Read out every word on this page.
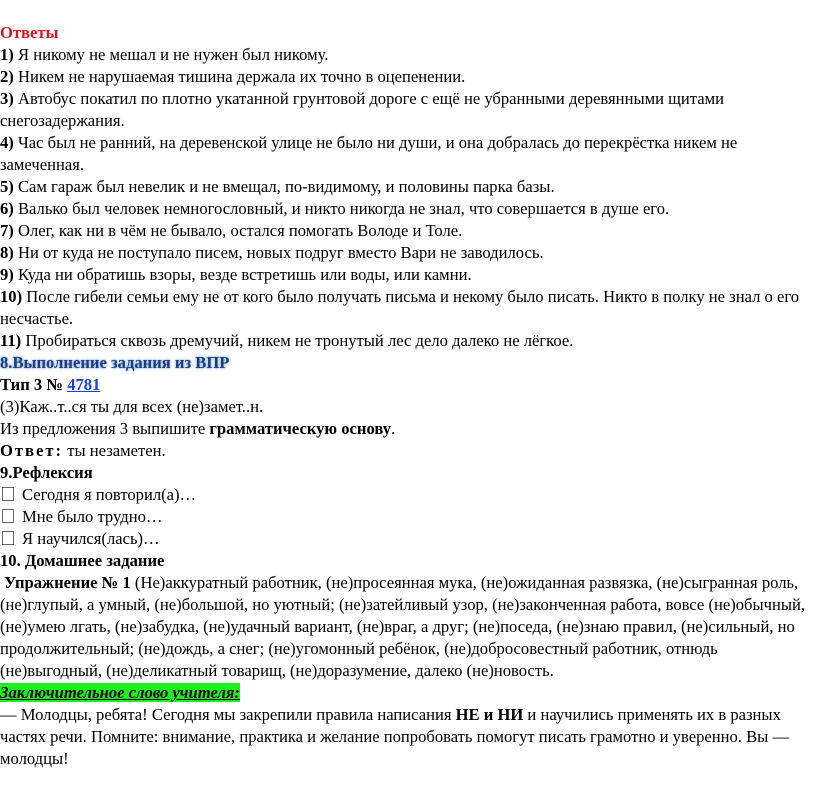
Ответы
1) Я никому не мешал и не нужен был никому.
2) Никем не нарушаемая тишина держала их точно в оцепенении.
3) Автобус покатил по плотно укатанной грунтовой дороге с ещё не убранными деревянными щитами снегозадержания.
4) Час был не ранний, на деревенской улице не было ни души, и она добралась до перекрёстка никем не замеченная.
5) Сам гараж был невелик и не вмещал, по-видимому, и половины парка базы.
6) Валько был человек немногословный, и никто никогда не знал, что совершается в душе его.
7) Олег, как ни в чём не бывало, остался помогать Володе и Толе.
8) Ни от куда не поступало писем, новых подруг вместо Вари не заводилось.
9) Куда ни обратишь взоры, везде встретишь или воды, или камни.
10) После гибели семьи ему не от кого было получать письма и некому было писать. Никто в полку не знал о его несчастье.
11) Пробираться сквозь дремучий, никем не тронутый лес дело далеко не лёгкое.
8.Выполнение задания из ВПР
Тип 3 № 4781
(3)Каж..т..ся ты для всех (не)замет..н.
Из предложения 3 выпишите грамматическую основу.
Ответ: ты незаметен.
9.Рефлексия
Сегодня я повторил(а)…
Мне было трудно…
Я научился(лась)…
10. Домашнее задание
Упражнение № 1 (Не)аккуратный работник, (не)просеянная мука, (не)ожиданная развязка, (не)сыгранная роль, (не)глупый, а умный, (не)большой, но уютный; (не)затейливый узор, (не)законченная работа, вовсе (не)обычный, (не)умею лгать, (не)забудка, (не)удачный вариант, (не)враг, а друг; (не)поседа, (не)знаю правил, (не)сильный, но продолжительный; (не)дождь, а снег; (не)угомонный ребёнок, (не)добросовестный работник, отнюдь (не)выгодный, (не)деликатный товарищ, (не)доразумение, далеко (не)новость.
Заключительное слово учителя:
— Молодцы, ребята! Сегодня мы закрепили правила написания НЕ и НИ и научились применять их в разных частях речи. Помните: внимание, практика и желание попробовать помогут писать грамотно и уверенно. Вы — молодцы!
